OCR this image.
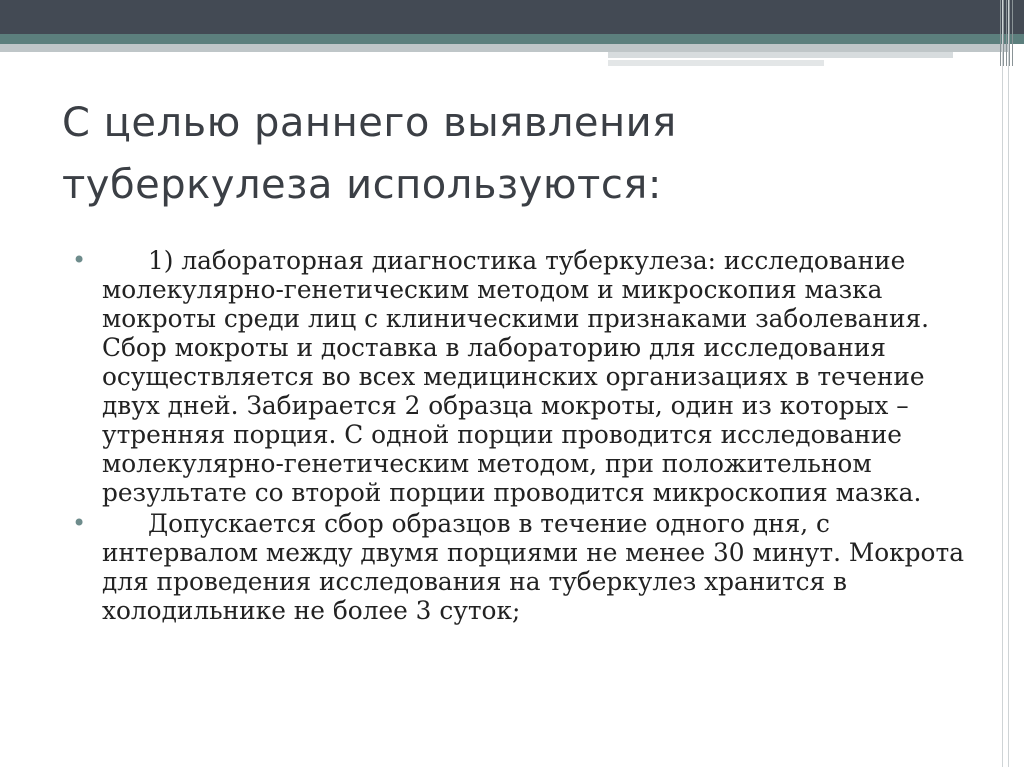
С целью раннего выявления
туберкулеза используются:
•	1) лабораторная диагностика туберкулеза: исследование молекулярно-генетическим методом и микроскопия мазка мокроты среди лиц с клиническими признаками заболевания. Сбор мокроты и доставка в лабораторию для исследования осуществляется во всех медицинских организациях в течение двух дней. Забирается 2 образца мокроты, один из которых – утренняя порция. С одной порции проводится исследование молекулярно-генетическим методом, при положительном результате со второй порции проводится микроскопия мазка.
•	Допускается сбор образцов в течение одного дня, с интервалом между двумя порциями не менее 30 минут. Мокрота для проведения исследования на туберкулез хранится в холодильнике не более 3 суток;
